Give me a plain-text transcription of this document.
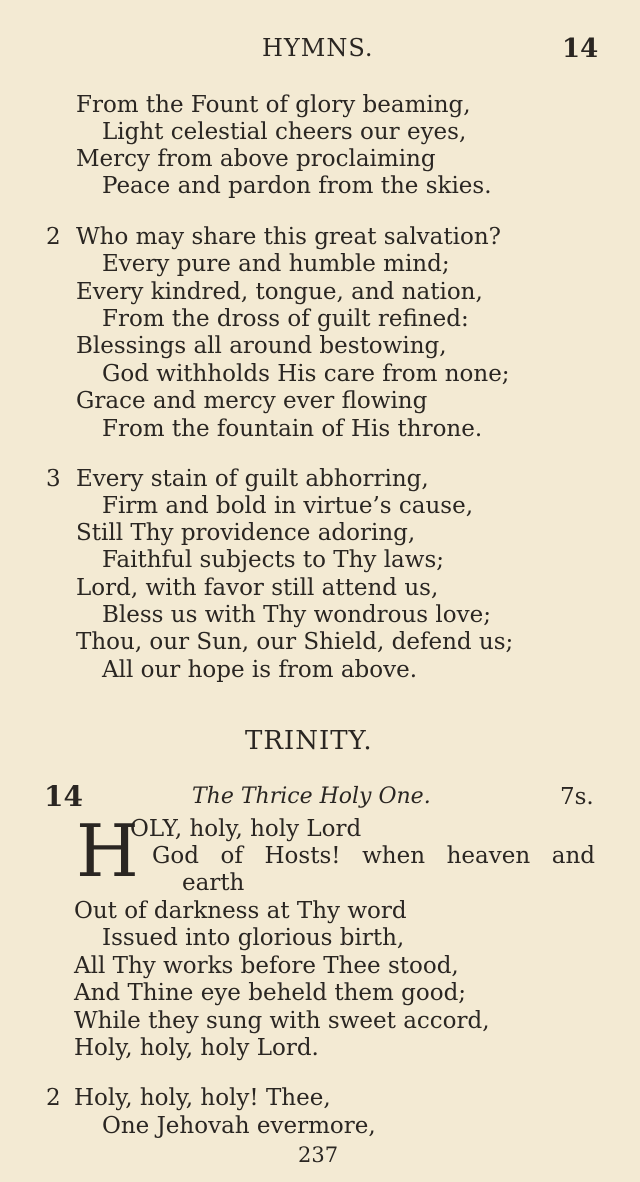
HYMNS.	14
From the Fount of glory beaming,
Light celestial cheers our eyes,
Mercy from above proclaiming
Peace and pardon from the skies.
2 Who may share this great salvation?
Every pure and humble mind;
Every kindred, tongue, and nation,
From the dross of guilt refined:
Blessings all around bestowing,
God withholds His care from none;
Grace and mercy ever flowing
From the fountain of His throne.
3 Every stain of guilt abhorring,
Firm and bold in virtue’s cause,
Still Thy providence adoring,
Faithful subjects to Thy laws;
Lord, with favor still attend us,
Bless us with Thy wondrous love;
Thou, our Sun, our Shield, defend us;
All our hope is from above.
TRINITY.
14	The Thrice Holy One.	7s.
H
OLY, holy, holy Lord
God of Hosts! when heaven and
earth
Out of darkness at Thy word
Issued into glorious birth,
All Thy works before Thee stood,
And Thine eye beheld them good;
While they sung with sweet accord,
Holy, holy, holy Lord.
2 Holy, holy, holy! Thee,
One Jehovah evermore,
237
